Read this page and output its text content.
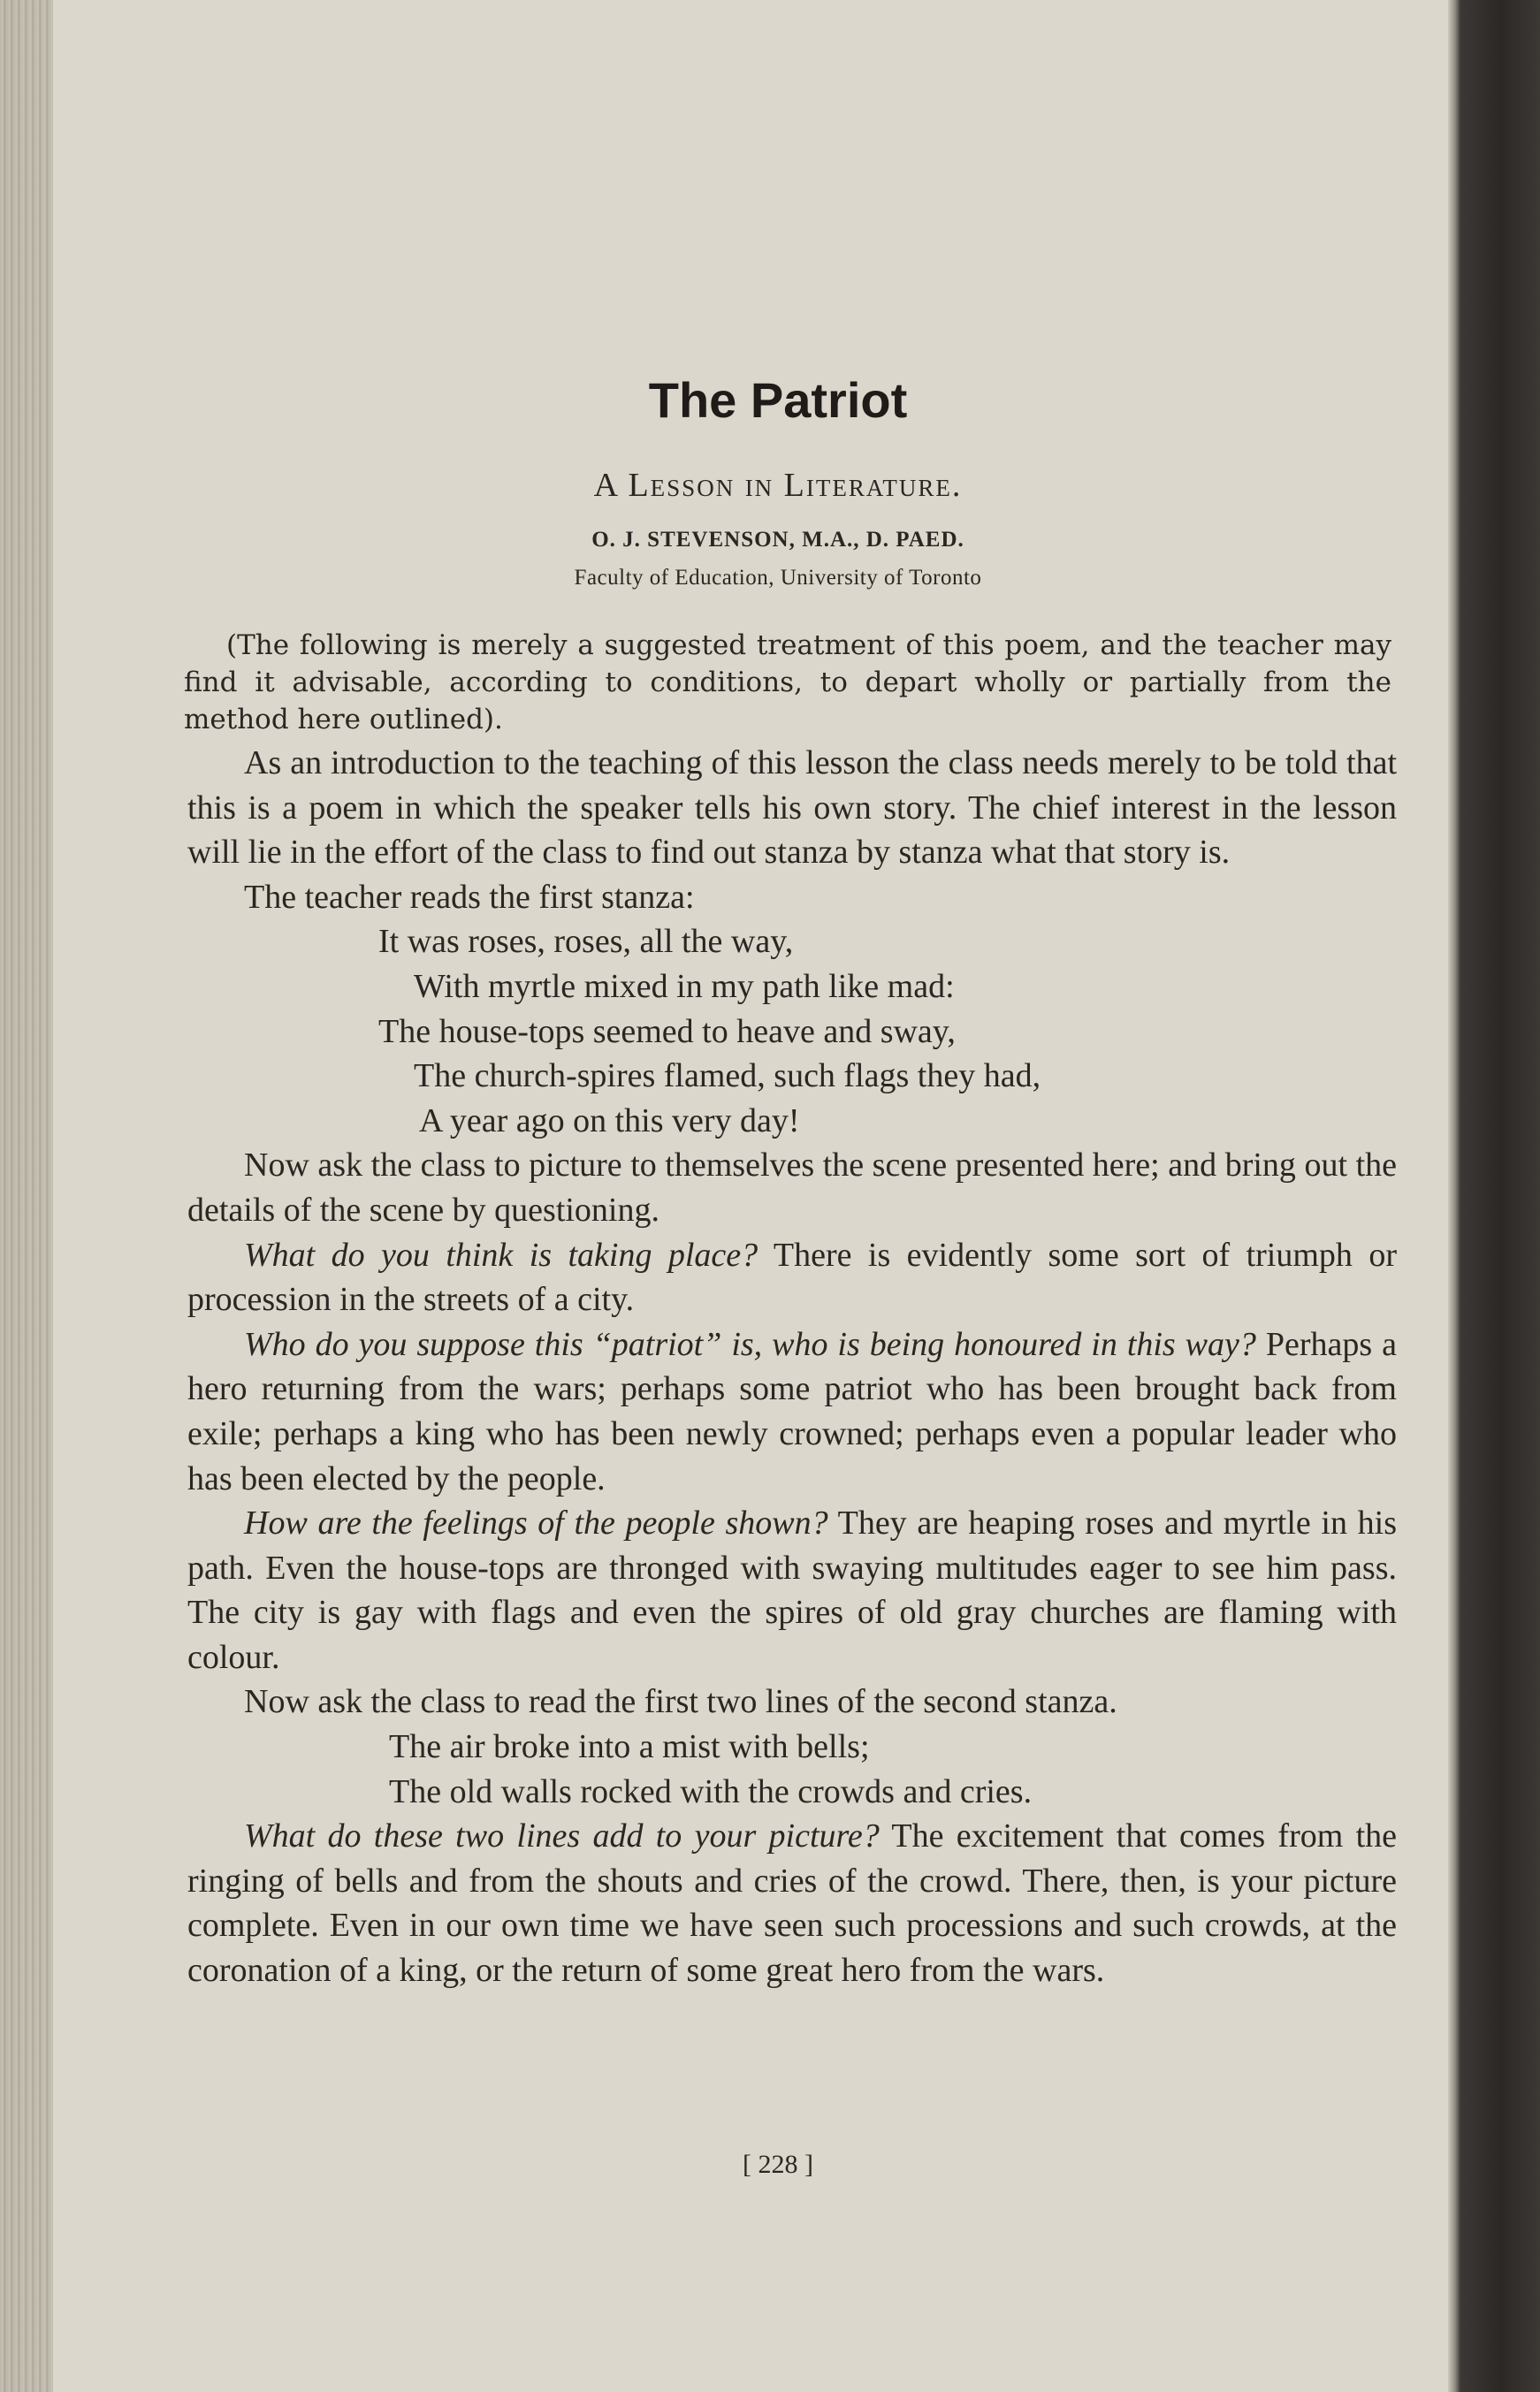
The Patriot
A Lesson in Literature.
O. J. STEVENSON, M.A., D. PAED.
Faculty of Education, University of Toronto
(The following is merely a suggested treatment of this poem, and the teacher may find it advisable, according to conditions, to depart wholly or partially from the method here outlined).

As an introduction to the teaching of this lesson the class needs merely to be told that this is a poem in which the speaker tells his own story. The chief interest in the lesson will lie in the effort of the class to find out stanza by stanza what that story is.

The teacher reads the first stanza:

It was roses, roses, all the way,
With myrtle mixed in my path like mad:
The house-tops seemed to heave and sway,
The church-spires flamed, such flags they had,
A year ago on this very day!

Now ask the class to picture to themselves the scene presented here; and bring out the details of the scene by questioning.

What do you think is taking place? There is evidently some sort of triumph or procession in the streets of a city.

Who do you suppose this “patriot” is, who is being honoured in this way? Perhaps a hero returning from the wars; perhaps some patriot who has been brought back from exile; perhaps a king who has been newly crowned; perhaps even a popular leader who has been elected by the people.

How are the feelings of the people shown? They are heaping roses and myrtle in his path. Even the house-tops are thronged with swaying multitudes eager to see him pass. The city is gay with flags and even the spires of old gray churches are flaming with colour.

Now ask the class to read the first two lines of the second stanza.

The air broke into a mist with bells;
The old walls rocked with the crowds and cries.

What do these two lines add to your picture? The excitement that comes from the ringing of bells and from the shouts and cries of the crowd. There, then, is your picture complete. Even in our own time we have seen such processions and such crowds, at the coronation of a king, or the return of some great hero from the wars.

[ 228 ]
